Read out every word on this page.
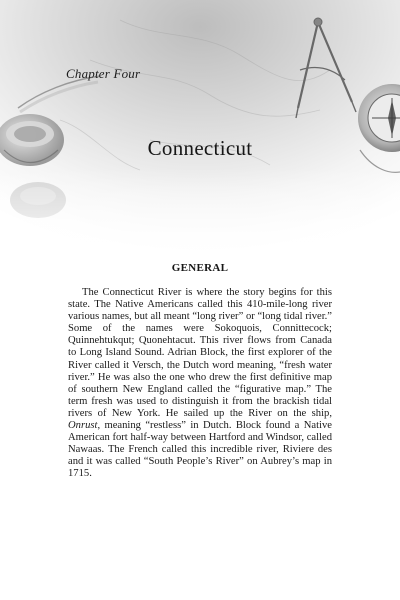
Chapter Four

Connecticut
GENERAL

The Connecticut River is where the story begins for this state. The Native Americans called this 410-mile-long river various names, but all meant “long river” or “long tidal river.” Some of the names were Sokoquois, Connittecock; Quinnehtukqut; Quonehtacut. This river flows from Canada to Long Island Sound. Adrian Block, the first explorer of the River called it Versch, the Dutch word meaning, “fresh water river.” He was also the one who drew the first definitive map of southern New England called the “figurative map.” The term fresh was used to distinguish it from the brackish tidal rivers of New York. He sailed up the River on the ship, Onrust, meaning “restless” in Dutch. Block found a Native American fort half-way between Hartford and Windsor, called Nawaas. The French called this incredible river, Riviere des and it was called “South People’s River” on Aubrey’s map in 1715.
